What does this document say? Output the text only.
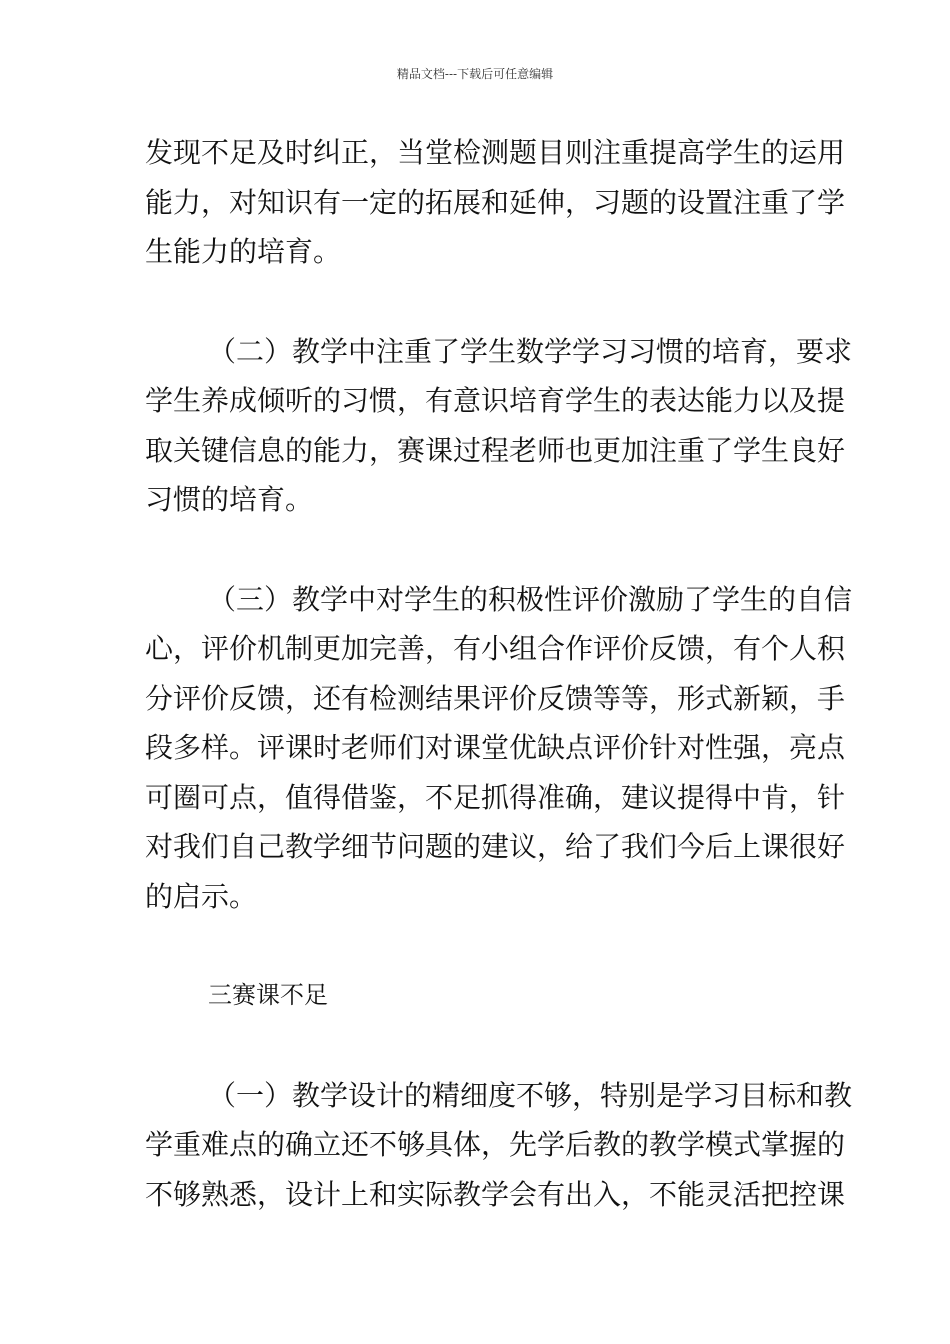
精品文档---下载后可任意编辑

发现不足及时纠正，当堂检测题目则注重提高学生的运用
能力，对知识有一定的拓展和延伸，习题的设置注重了学
生能力的培育。

（二）教学中注重了学生数学学习习惯的培育，要求
学生养成倾听的习惯，有意识培育学生的表达能力以及提
取关键信息的能力，赛课过程老师也更加注重了学生良好
习惯的培育。

（三）教学中对学生的积极性评价激励了学生的自信
心，评价机制更加完善，有小组合作评价反馈，有个人积
分评价反馈，还有检测结果评价反馈等等，形式新颖，手
段多样。评课时老师们对课堂优缺点评价针对性强，亮点
可圈可点，值得借鉴，不足抓得准确，建议提得中肯，针
对我们自己教学细节问题的建议，给了我们今后上课很好
的启示。

三赛课不足

（一）教学设计的精细度不够，特别是学习目标和教
学重难点的确立还不够具体，先学后教的教学模式掌握的
不够熟悉，设计上和实际教学会有出入，不能灵活把控课
